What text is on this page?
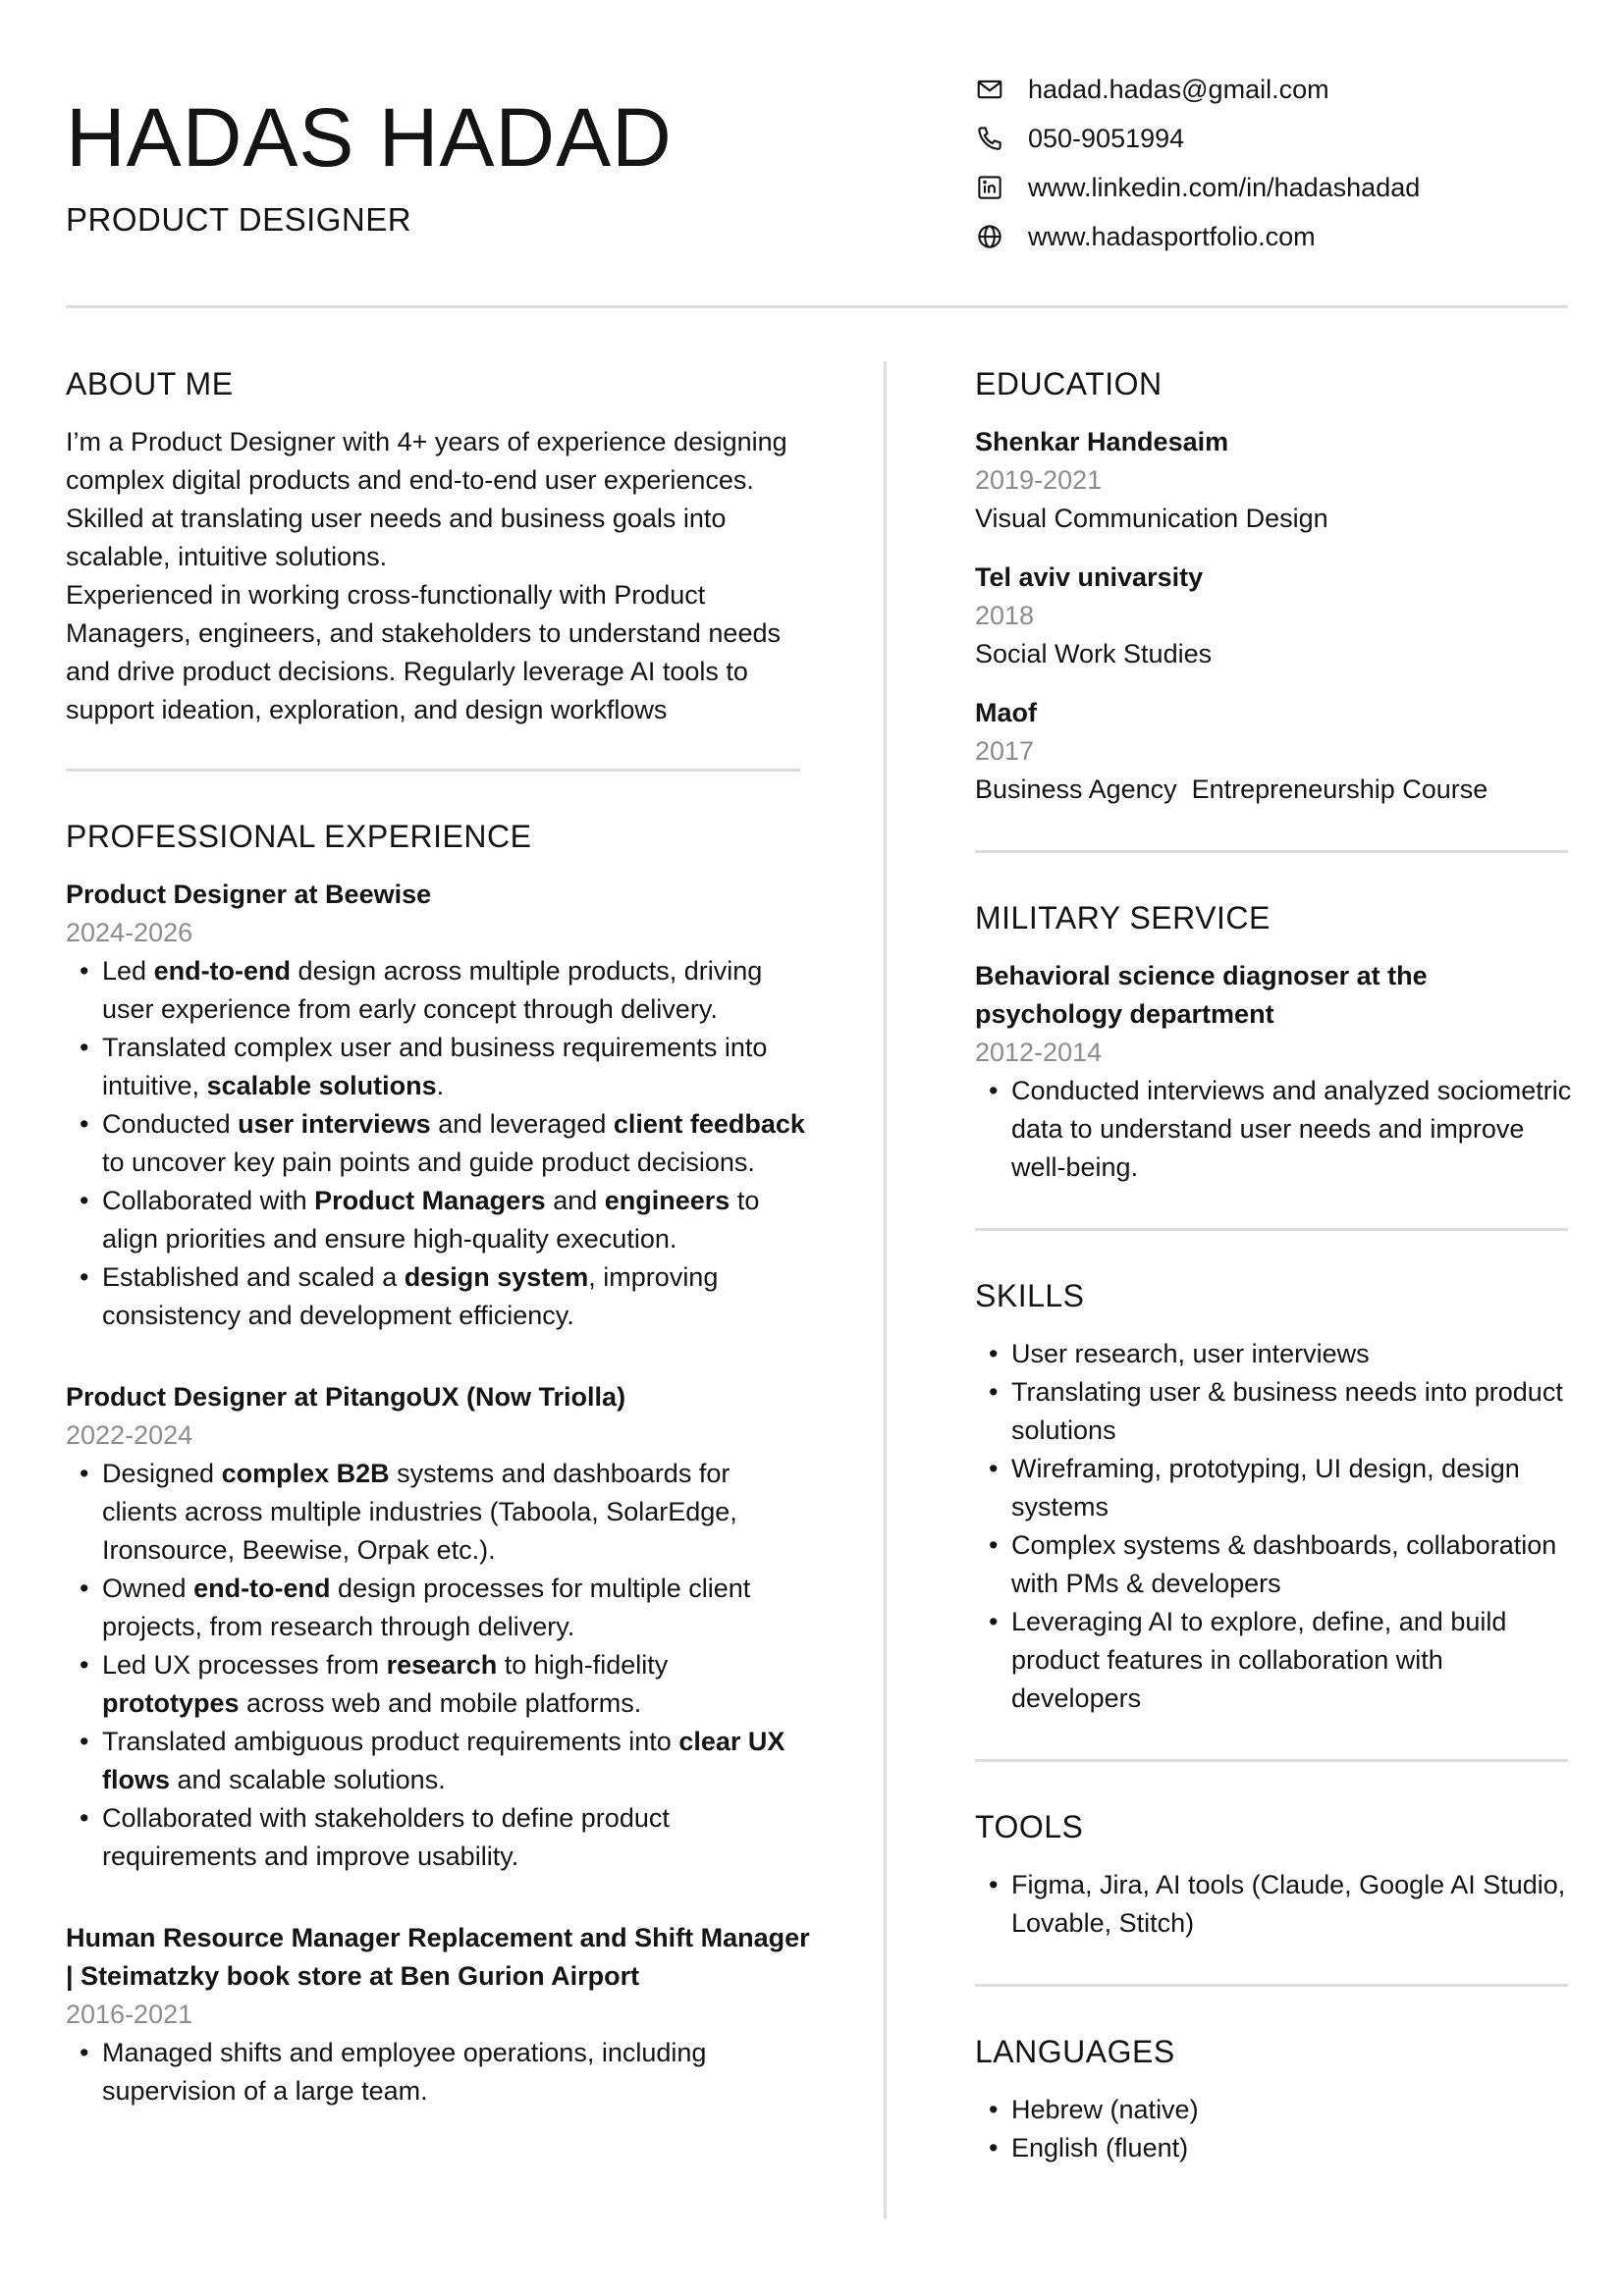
HADAS HADAD
PRODUCT DESIGNER
hadad.hadas@gmail.com
050-9051994
www.linkedin.com/in/hadashadad
www.hadasportfolio.com
ABOUT ME

I’m a Product Designer with 4+ years of experience designing complex digital products and end-to-end user experiences.

Skilled at translating user needs and business goals into scalable, intuitive solutions.

Experienced in working cross-functionally with Product Managers, engineers, and stakeholders to understand needs and drive product decisions. Regularly leverage AI tools to support ideation, exploration, and design workflows

PROFESSIONAL EXPERIENCE

Product Designer at Beewise

2024-2026

• Led end-to-end design across multiple products, driving user experience from early concept through delivery.
• Translated complex user and business requirements into intuitive, scalable solutions.
• Conducted user interviews and leveraged client feedback to uncover key pain points and guide product decisions.
• Collaborated with Product Managers and engineers to align priorities and ensure high-quality execution.
• Established and scaled a design system, improving consistency and development efficiency.

Product Designer at PitangoUX (Now Triolla)

2022-2024

• Designed complex B2B systems and dashboards for clients across multiple industries (Taboola, SolarEdge, Ironsource, Beewise, Orpak etc.).
• Owned end-to-end design processes for multiple client projects, from research through delivery.
• Led UX processes from research to high-fidelity prototypes across web and mobile platforms.
• Translated ambiguous product requirements into clear UX flows and scalable solutions.
• Collaborated with stakeholders to define product requirements and improve usability.

Human Resource Manager Replacement and Shift Manager | Steimatzky book store at Ben Gurion Airport

2016-2021

• Managed shifts and employee operations, including supervision of a large team.
EDUCATION

Shenkar Handesaim

2019-2021

Visual Communication Design

Tel aviv univarsity

2018

Social Work Studies

Maof

2017

Business Agency  Entrepreneurship Course

MILITARY SERVICE

Behavioral science diagnoser at the psychology department

2012-2014

• Conducted interviews and analyzed sociometric data to understand user needs and improve well-being.
SKILLS
• User research, user interviews
• Translating user & business needs into product solutions
• Wireframing, prototyping, UI design, design systems
• Complex systems & dashboards, collaboration with PMs & developers
• Leveraging AI to explore, define, and build product features in collaboration with developers
TOOLS
• Figma, Jira, AI tools (Claude, Google AI Studio, Lovable, Stitch)
LANGUAGES
• Hebrew (native)
• English (fluent)
